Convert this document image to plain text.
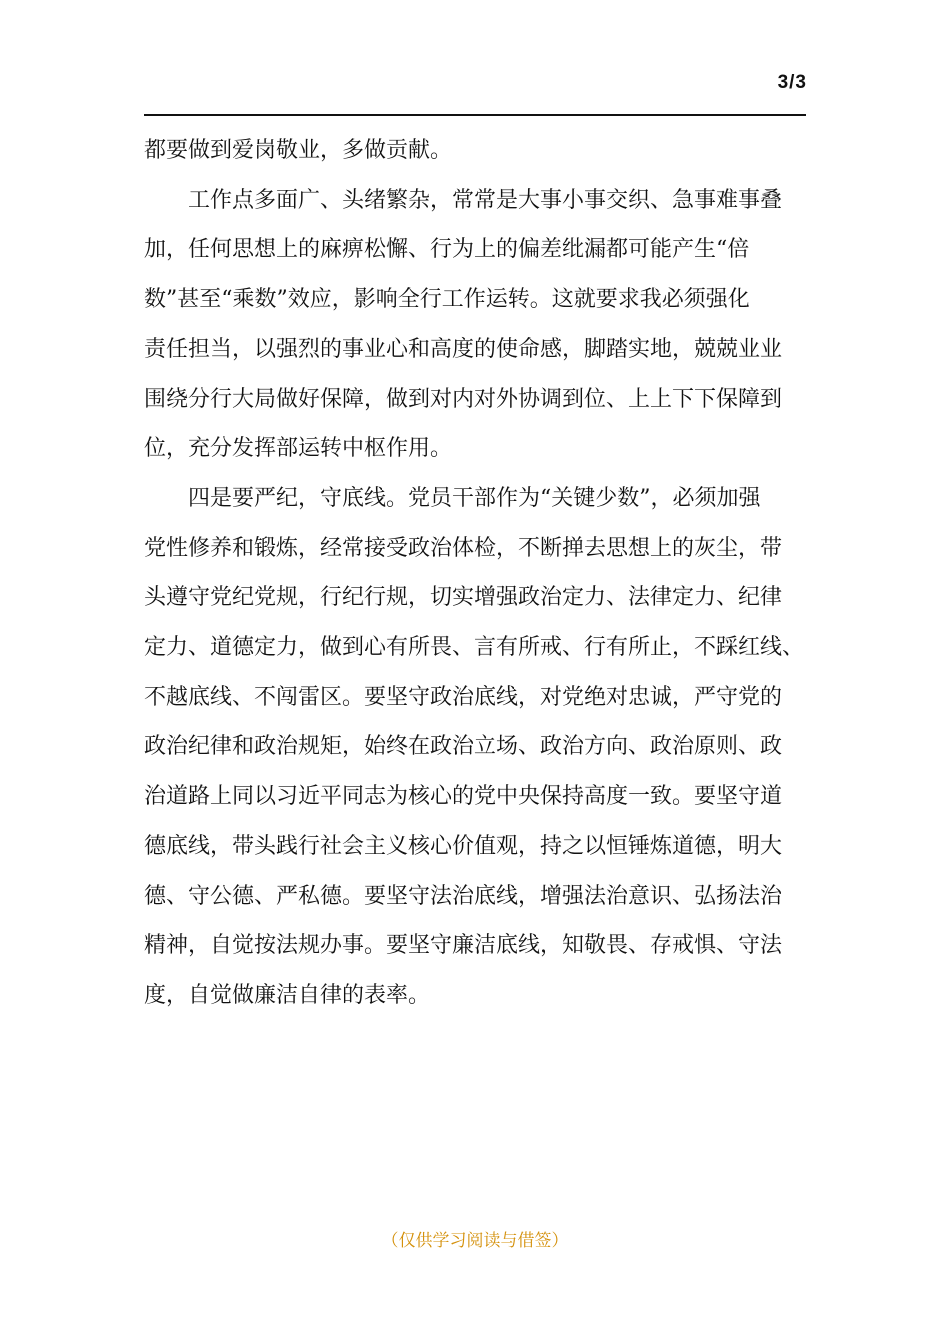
3/3

都要做到爱岗敬业，多做贡献。

工作点多面广、头绪繁杂，常常是大事小事交织、急事难事叠

加，任何思想上的麻痹松懈、行为上的偏差纰漏都可能产生“倍

数”甚至“乘数”效应，影响全行工作运转。这就要求我必须强化

责任担当，以强烈的事业心和高度的使命感，脚踏实地，兢兢业业

围绕分行大局做好保障，做到对内对外协调到位、上上下下保障到

位，充分发挥部运转中枢作用。

四是要严纪，守底线。党员干部作为“关键少数”，必须加强

党性修养和锻炼，经常接受政治体检，不断掸去思想上的灰尘，带

头遵守党纪党规，行纪行规，切实增强政治定力、法律定力、纪律

定力、道德定力，做到心有所畏、言有所戒、行有所止，不踩红线、

不越底线、不闯雷区。要坚守政治底线，对党绝对忠诚，严守党的

政治纪律和政治规矩，始终在政治立场、政治方向、政治原则、政

治道路上同以习近平同志为核心的党中央保持高度一致。要坚守道

德底线，带头践行社会主义核心价值观，持之以恒锤炼道德，明大

德、守公德、严私德。要坚守法治底线，增强法治意识、弘扬法治

精神，自觉按法规办事。要坚守廉洁底线，知敬畏、存戒惧、守法

度，自觉做廉洁自律的表率。

（仅供学习阅读与借签）
